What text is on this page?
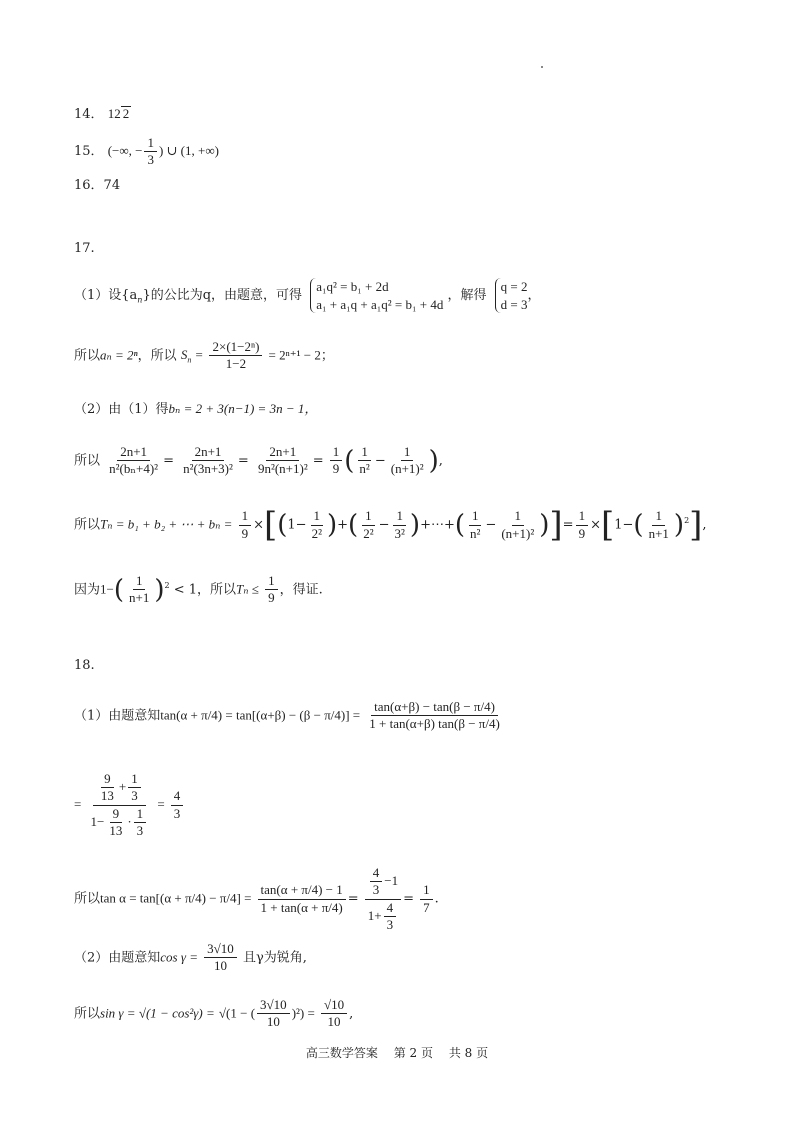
14． 12 2
15． (−∞, − $\frac{1}{3}$ ) ∪ (1, +∞)
16．74
17.
（1）设$\{a_n\}$的公比为q，由题意，可得
a₁q² = b₁ + 2d
a₁ + a₁q + a₁q² = b₁ + 4d
，解得
q = 2
d = 3
，
所以aₙ = 2ⁿ，所以 $S_n = \frac{\text{2×(1−2ⁿ)}}{1-2} = 2^{n+1} - 2$；
（2）由（1）得bₙ = 2 + 3(n−1) = 3n − 1，
所以 $\frac{2n+1}{\text{n²(bₙ+4)²}} = \frac{2n+1}{\text{n²(3n+3)²}} = \frac{2n+1}{\text{9n²(n+1)²}} = \frac{1}{9}$ ( $\frac{1}{\text{n²}} - \frac{1}{\text{(n+1)²}}$ ),
所以Tₙ = b₁ + b₂ + ⋯ + $b_n = \frac{1}{9} \times[(1- \frac{1}{\text{2²}}$ )+( $\frac{1}{\text{2²}} - \frac{1}{\text{3²}}$ )+⋯+( $\frac{1}{\text{n²}} - \frac{1}{\text{(n+1)²}}$ )]= $\frac{1}{9} \times[1-( \frac{1}{n+1} )^2]$,
因为$1-( \frac{1}{n+1} )^2 < 1$，所以$T_n \le \frac{1}{9}$ ，得证.
18.
（1）由题意知$\tan(\alpha + \pi/4) = \tan[(\alpha+\beta) - (\beta - \pi/4)] = \frac{\tan(\alpha+\beta) - \tan(\beta - \pi/4)}{1 + \tan(\alpha+\beta) \tan(\beta - \pi/4)}$
= $\frac{\frac{9}{13} + \frac{1}{3}}{1- \frac{9}{13} \cdot \frac{1}{3}} = \frac{4}{3}$
所以$\tan \alpha = \tan[(\alpha + \pi/4) - \pi/4] = \frac{\tan(\alpha + \pi/4) - 1}{1 + \tan(\alpha + \pi/4)} = \frac{\frac{4}{3} -1}{1+ \frac{4}{3}} = \frac{1}{7}$ .
（2）由题意知$\cos \gamma = \frac{3√10}{10}$ 且γ为锐角,
所以sin γ = √(1 − cos²γ) = √(1 − ( $\frac{3√10}{10} )^2) = \frac{√10}{10}$ ,
高三数学答案 第 2 页 共 8 页
